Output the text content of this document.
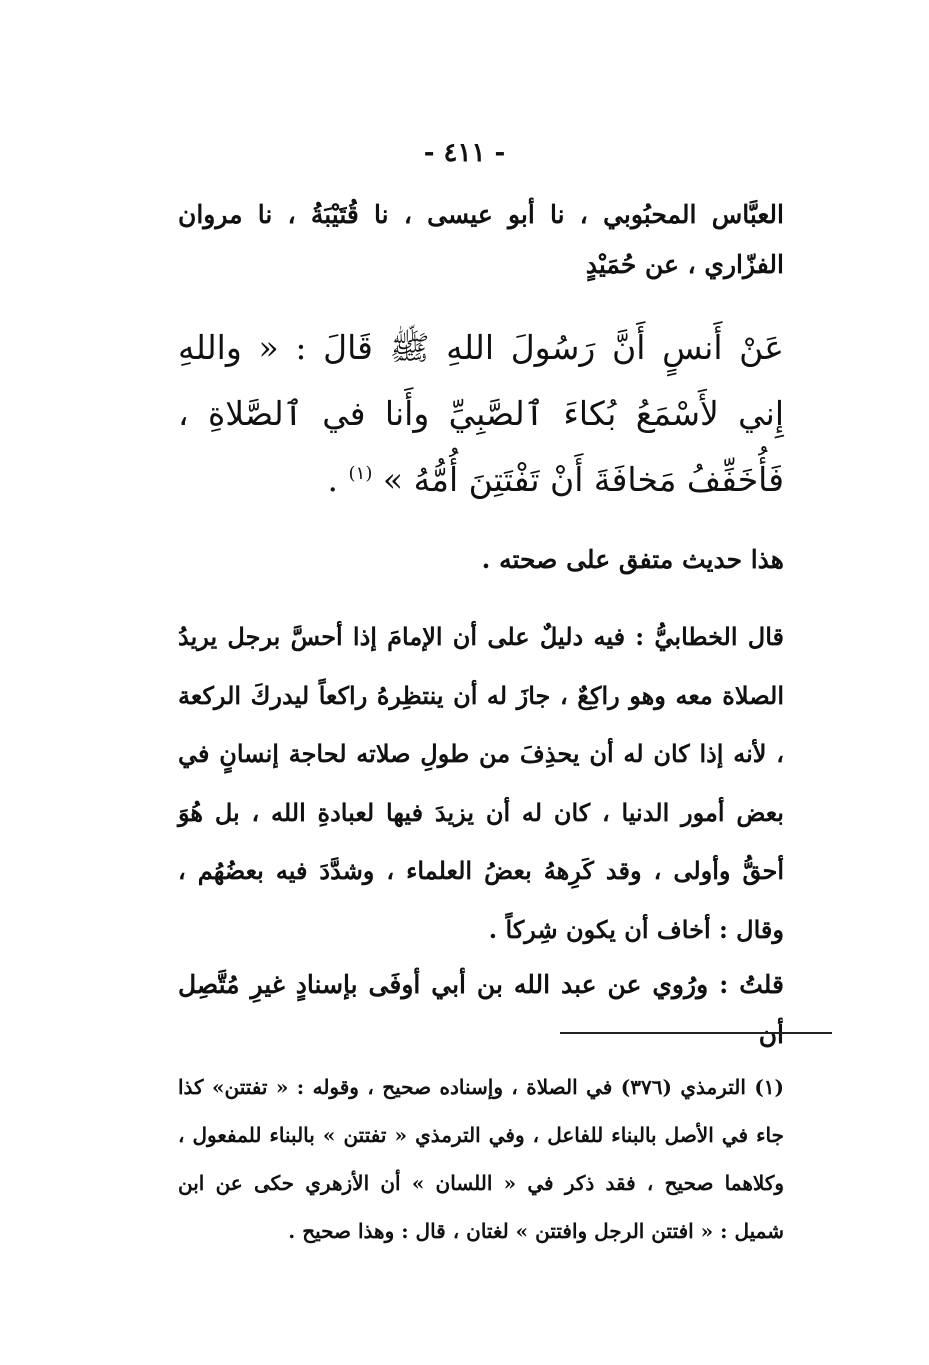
- ٤١١ -
العبَّاس المحبُوبي ، نا أبو عيسى ، نا قُتَيْبَةُ ، نا مروان الفزّاري ، عن حُمَيْدٍ
عَنْ أَنسٍ أَنَّ رَسُولَ اللهِ ﷺ قَالَ : « واللهِ إِني لأَسْمَعُ بُكاءَ ٱلصَّبِيِّ وأَنا في ٱلصَّلاةِ ، فَأُخَفِّفُ مَخافَةَ أَنْ تَفْتَتِنَ أُمُّهُ » $^{(١)}$ .
هذا حديث متفق على صحته .
قال الخطابيُّ : فيه دليلٌ على أن الإمامَ إذا أحسَّ برجل يريدُ الصلاة معه وهو راكِعٌ ، جازَ له أن ينتظِرهُ راكعاً ليدركَ الركعة ، لأنه إذا كان له أن يحذِفَ من طولِ صلاته لحاجة إنسانٍ في بعض أمور الدنيا ، كان له أن يزيدَ فيها لعبادةِ الله ، بل هُوَ أحقُّ وأولى ، وقد كَرِههُ بعضُ العلماء ، وشدَّدَ فيه بعضُهُم ، وقال : أخاف أن يكون شِركاً .
قلتُ : ورُوي عن عبد الله بن أبي أوفَى بإسنادٍ غيرِ مُتَّصِل أن
(١) الترمذي (٣٧٦) في الصلاة ، وإسناده صحيح ، وقوله : « تفتتن» كذا جاء في الأصل بالبناء للفاعل ، وفي الترمذي « تفتتن » بالبناء للمفعول ، وكلاهما صحيح ، فقد ذكر في « اللسان » أن الأزهري حكى عن ابن شميل : « افتتن الرجل وافتتن » لغتان ، قال : وهذا صحيح .
